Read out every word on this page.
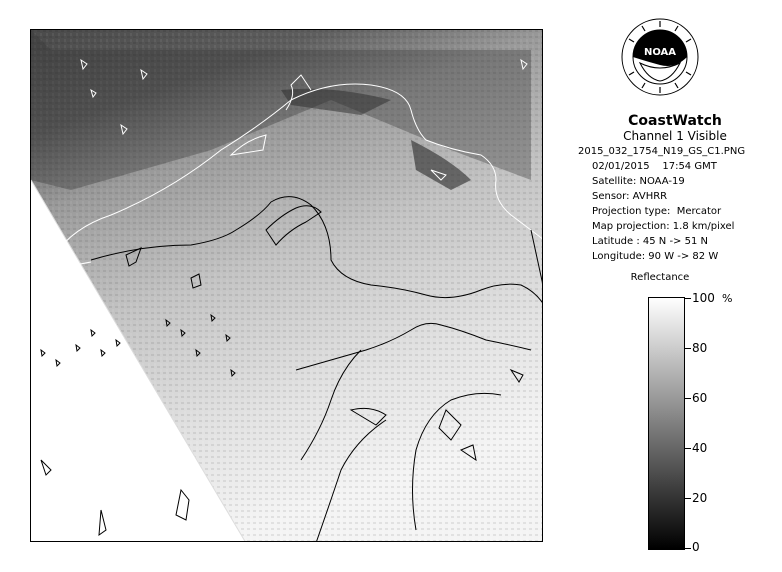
NOAA
CoastWatch
Channel 1 Visible
2015_032_1754_N19_GS_C1.PNG
02/01/2015    17:54 GMT
Satellite: NOAA-19
Sensor: AVHRR
Projection type:  Mercator
Map projection: 1.8 km/pixel
Latitude : 45 N -> 51 N
Longitude: 90 W -> 82 W
Reflectance
%
100
80
60
40
20
0
